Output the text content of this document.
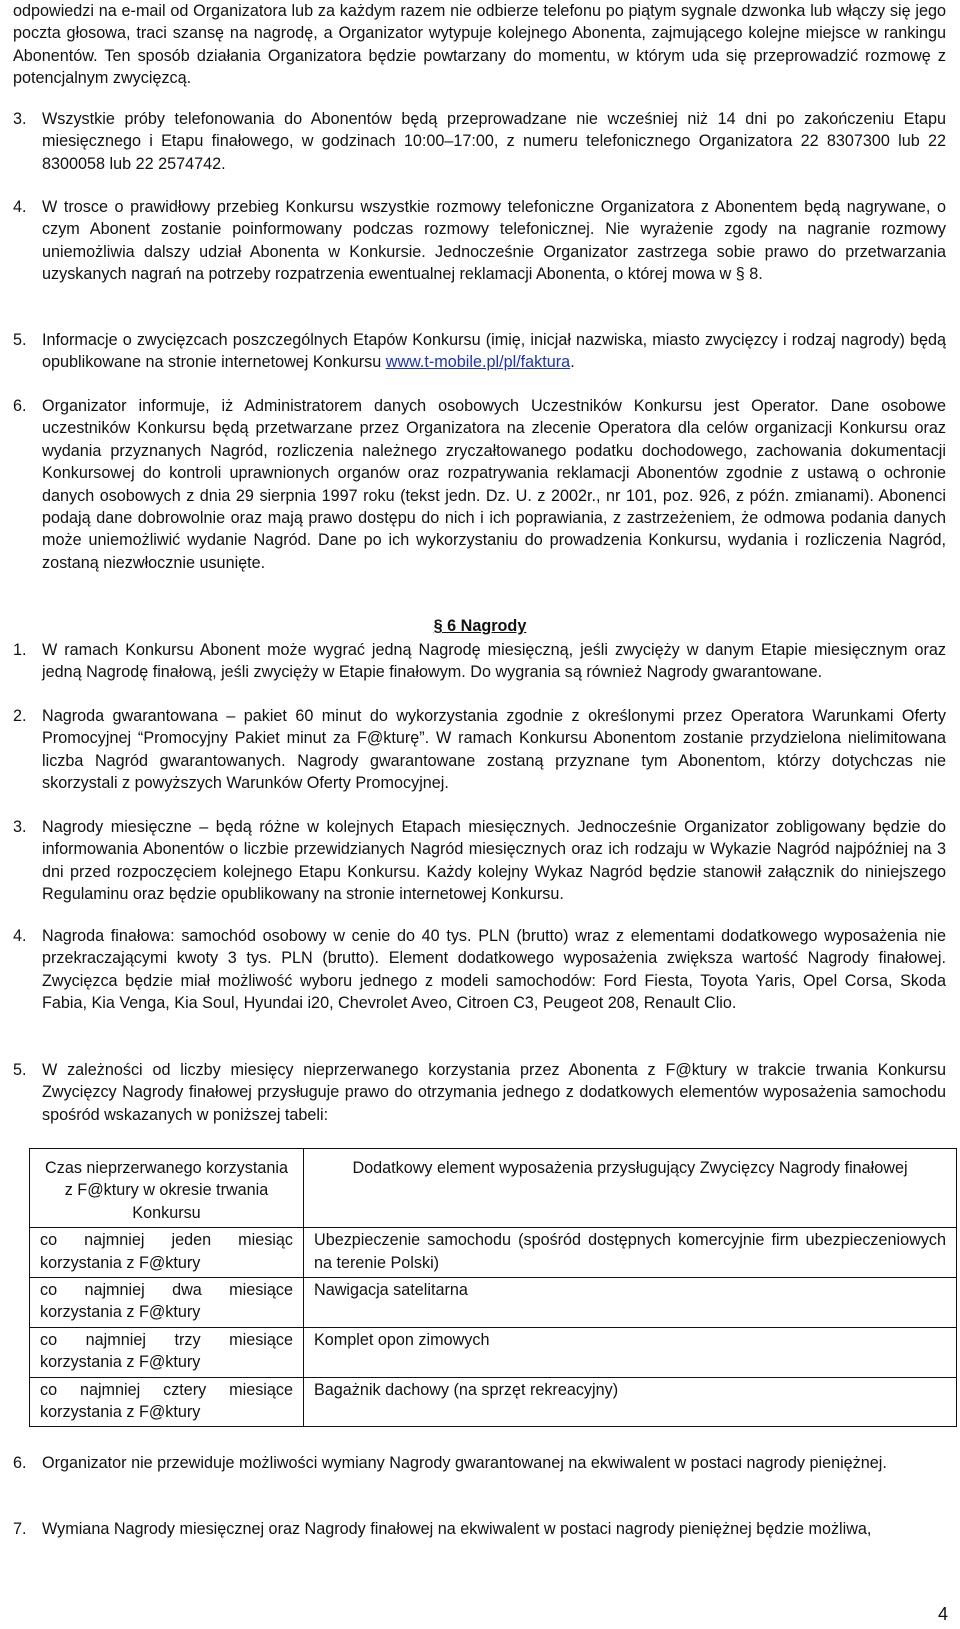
odpowiedzi na e-mail od Organizatora lub za każdym razem nie odbierze telefonu po piątym sygnale dzwonka lub włączy się jego poczta głosowa, traci szansę na nagrodę, a Organizator wytypuje kolejnego Abonenta, zajmującego kolejne miejsce w rankingu Abonentów. Ten sposób działania Organizatora będzie powtarzany do momentu, w którym uda się przeprowadzić rozmowę z potencjalnym zwycięzcą.
3. Wszystkie próby telefonowania do Abonentów będą przeprowadzane nie wcześniej niż 14 dni po zakończeniu Etapu miesięcznego i Etapu finałowego, w godzinach 10:00–17:00, z numeru telefonicznego Organizatora 22 8307300 lub 22 8300058 lub 22 2574742.
4. W trosce o prawidłowy przebieg Konkursu wszystkie rozmowy telefoniczne Organizatora z Abonentem będą nagrywane, o czym Abonent zostanie poinformowany podczas rozmowy telefonicznej. Nie wyrażenie zgody na nagranie rozmowy uniemożliwia dalszy udział Abonenta w Konkursie. Jednocześnie Organizator zastrzega sobie prawo do przetwarzania uzyskanych nagrań na potrzeby rozpatrzenia ewentualnej reklamacji Abonenta, o której mowa w § 8.
5. Informacje o zwycięzcach poszczególnych Etapów Konkursu (imię, inicjał nazwiska, miasto zwycięzcy i rodzaj nagrody) będą opublikowane na stronie internetowej Konkursu www.t-mobile.pl/pl/faktura.
6. Organizator informuje, iż Administratorem danych osobowych Uczestników Konkursu jest Operator. Dane osobowe uczestników Konkursu będą przetwarzane przez Organizatora na zlecenie Operatora dla celów organizacji Konkursu oraz wydania przyznanych Nagród, rozliczenia należnego zryczałtowanego podatku dochodowego, zachowania dokumentacji Konkursowej do kontroli uprawnionych organów oraz rozpatrywania reklamacji Abonentów zgodnie z ustawą o ochronie danych osobowych z dnia 29 sierpnia 1997 roku (tekst jedn. Dz. U. z 2002r., nr 101, poz. 926, z późn. zmianami). Abonenci podają dane dobrowolnie oraz mają prawo dostępu do nich i ich poprawiania, z zastrzeżeniem, że odmowa podania danych może uniemożliwić wydanie Nagród. Dane po ich wykorzystaniu do prowadzenia Konkursu, wydania i rozliczenia Nagród, zostaną niezwłocznie usunięte.
§ 6 Nagrody
1. W ramach Konkursu Abonent może wygrać jedną Nagrodę miesięczną, jeśli zwycięży w danym Etapie miesięcznym oraz jedną Nagrodę finałową, jeśli zwycięży w Etapie finałowym. Do wygrania są również Nagrody gwarantowane.
2. Nagroda gwarantowana – pakiet 60 minut do wykorzystania zgodnie z określonymi przez Operatora Warunkami Oferty Promocyjnej “Promocyjny Pakiet minut za F@kturę”. W ramach Konkursu Abonentom zostanie przydzielona nielimitowana liczba Nagród gwarantowanych. Nagrody gwarantowane zostaną przyznane tym Abonentom, którzy dotychczas nie skorzystali z powyższych Warunków Oferty Promocyjnej.
3. Nagrody miesięczne – będą różne w kolejnych Etapach miesięcznych. Jednocześnie Organizator zobligowany będzie do informowania Abonentów o liczbie przewidzianych Nagród miesięcznych oraz ich rodzaju w Wykazie Nagród najpóźniej na 3 dni przed rozpoczęciem kolejnego Etapu Konkursu. Każdy kolejny Wykaz Nagród będzie stanowił załącznik do niniejszego Regulaminu oraz będzie opublikowany na stronie internetowej Konkursu.
4. Nagroda finałowa: samochód osobowy w cenie do 40 tys. PLN (brutto) wraz z elementami dodatkowego wyposażenia nie przekraczającymi kwoty 3 tys. PLN (brutto). Element dodatkowego wyposażenia zwiększa wartość Nagrody finałowej. Zwycięzca będzie miał możliwość wyboru jednego z modeli samochodów: Ford Fiesta, Toyota Yaris, Opel Corsa, Skoda Fabia, Kia Venga, Kia Soul, Hyundai i20, Chevrolet Aveo, Citroen C3, Peugeot 208, Renault Clio.
5. W zależności od liczby miesięcy nieprzerwanego korzystania przez Abonenta z F@ktury w trakcie trwania Konkursu Zwycięzcy Nagrody finałowej przysługuje prawo do otrzymania jednego z dodatkowych elementów wyposażenia samochodu spośród wskazanych w poniższej tabeli:
Czas nieprzerwanego korzystania z F@ktury w okresie trwania Konkursu	Dodatkowy element wyposażenia przysługujący Zwycięzcy Nagrody finałowej
co najmniej jeden miesiąc korzystania z F@ktury	Ubezpieczenie samochodu (spośród dostępnych komercyjnie firm ubezpieczeniowych na terenie Polski)
co najmniej dwa miesiące korzystania z F@ktury	Nawigacja satelitarna
co najmniej trzy miesiące korzystania z F@ktury	Komplet opon zimowych
co najmniej cztery miesiące korzystania z F@ktury	Bagażnik dachowy (na sprzęt rekreacyjny)
6. Organizator nie przewiduje możliwości wymiany Nagrody gwarantowanej na ekwiwalent w postaci nagrody pieniężnej.
7. Wymiana Nagrody miesięcznej oraz Nagrody finałowej na ekwiwalent w postaci nagrody pieniężnej będzie możliwa,
4
